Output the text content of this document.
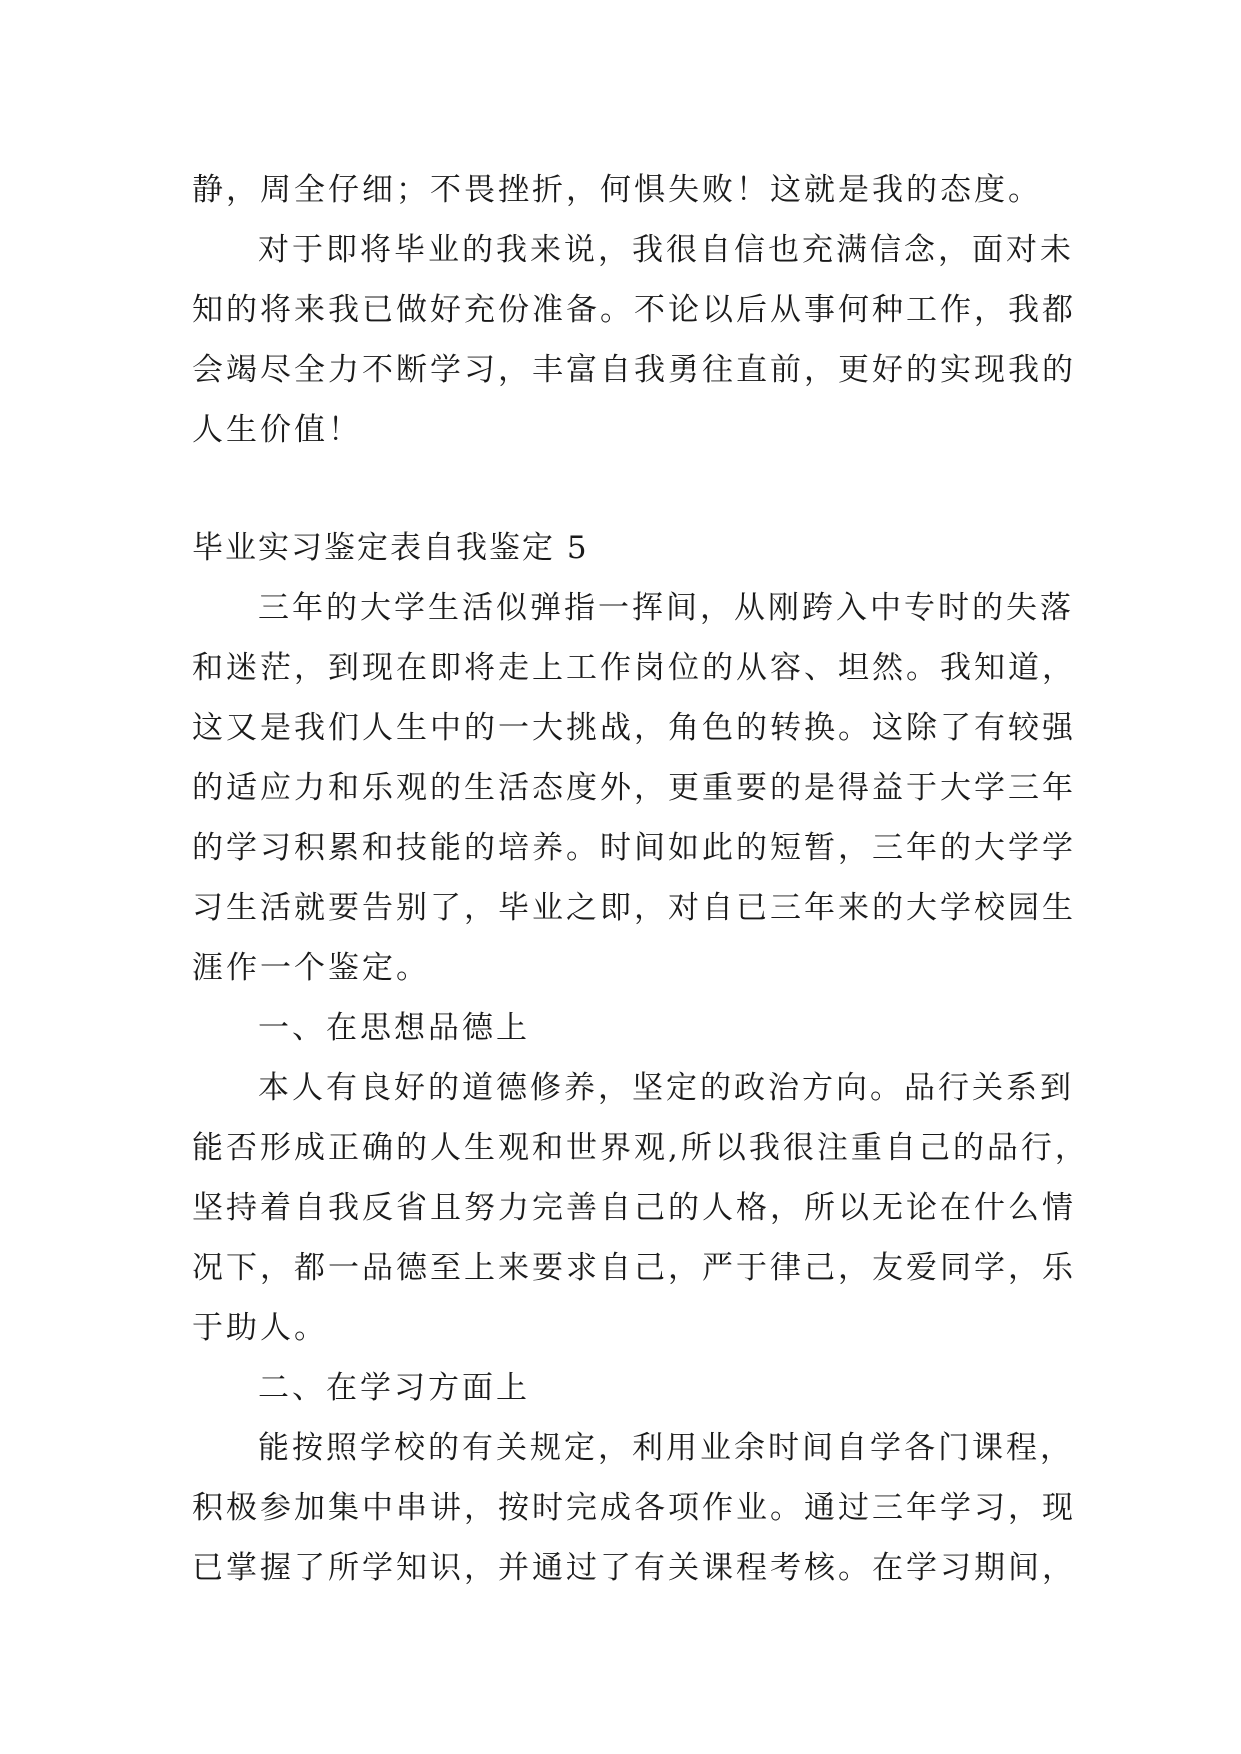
静，周全仔细；不畏挫折，何惧失败！这就是我的态度。
对于即将毕业的我来说，我很自信也充满信念，面对未
知的将来我已做好充份准备。不论以后从事何种工作，我都
会竭尽全力不断学习，丰富自我勇往直前，更好的实现我的
人生价值！
毕业实习鉴定表自我鉴定 5
三年的大学生活似弹指一挥间，从刚跨入中专时的失落
和迷茫，到现在即将走上工作岗位的从容、坦然。我知道，
这又是我们人生中的一大挑战，角色的转换。这除了有较强
的适应力和乐观的生活态度外，更重要的是得益于大学三年
的学习积累和技能的培养。时间如此的短暂，三年的大学学
习生活就要告别了，毕业之即，对自已三年来的大学校园生
涯作一个鉴定。
一、在思想品德上
本人有良好的道德修养，坚定的政治方向。品行关系到
能否形成正确的人生观和世界观,所以我很注重自己的品行，
坚持着自我反省且努力完善自己的人格，所以无论在什么情
况下，都一品德至上来要求自己，严于律己，友爱同学，乐
于助人。
二、在学习方面上
能按照学校的有关规定，利用业余时间自学各门课程，
积极参加集中串讲，按时完成各项作业。通过三年学习，现
已掌握了所学知识，并通过了有关课程考核。在学习期间，
